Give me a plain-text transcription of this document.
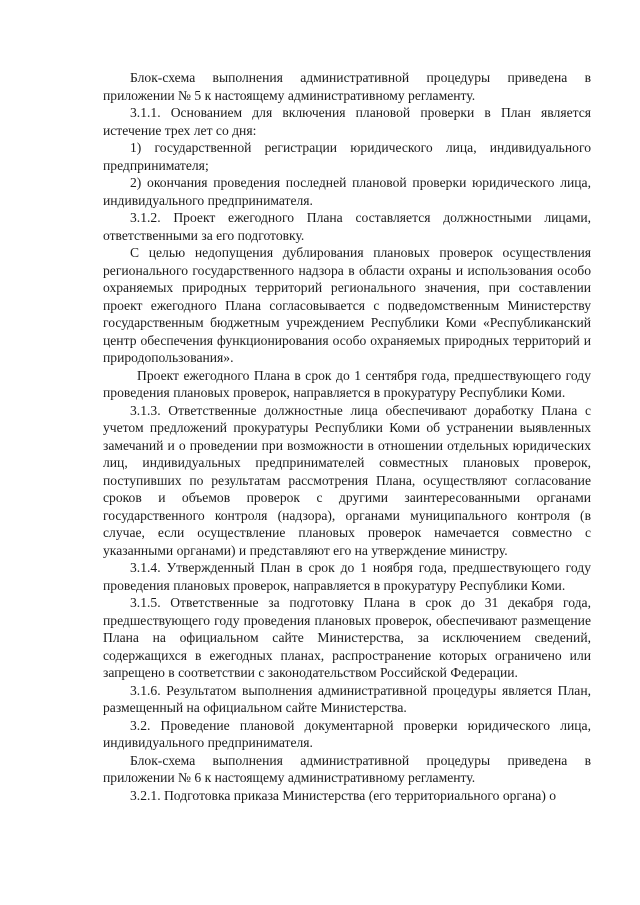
Блок-схема выполнения административной процедуры приведена в приложении № 5 к настоящему административному регламенту.

3.1.1. Основанием для включения плановой проверки в План является истечение трех лет со дня:

1) государственной регистрации юридического лица, индивидуального предпринимателя;

2) окончания проведения последней плановой проверки юридического лица, индивидуального предпринимателя.

3.1.2. Проект ежегодного Плана составляется должностными лицами, ответственными за его подготовку.

С целью недопущения дублирования плановых проверок осуществления регионального государственного надзора в области охраны и использования особо охраняемых природных территорий регионального значения, при составлении проект ежегодного Плана согласовывается с подведомственным Министерству государственным бюджетным учреждением Республики Коми «Республиканский центр обеспечения функционирования особо охраняемых природных территорий и природопользования».

Проект ежегодного Плана в срок до 1 сентября года, предшествующего году проведения плановых проверок, направляется в прокуратуру Республики Коми.

3.1.3. Ответственные должностные лица обеспечивают доработку Плана с учетом предложений прокуратуры Республики Коми об устранении выявленных замечаний и о проведении при возможности в отношении отдельных юридических лиц, индивидуальных предпринимателей совместных плановых проверок, поступивших по результатам рассмотрения Плана, осуществляют согласование сроков и объемов проверок с другими заинтересованными органами государственного контроля (надзора), органами муниципального контроля (в случае, если осуществление плановых проверок намечается совместно с указанными органами) и представляют его на утверждение министру.

3.1.4. Утвержденный План в срок до 1 ноября года, предшествующего году проведения плановых проверок, направляется в прокуратуру Республики Коми.

3.1.5. Ответственные за подготовку Плана в срок до 31 декабря года, предшествующего году проведения плановых проверок, обеспечивают размещение Плана на официальном сайте Министерства, за исключением сведений, содержащихся в ежегодных планах, распространение которых ограничено или запрещено в соответствии с законодательством Российской Федерации.

3.1.6. Результатом выполнения административной процедуры является План, размещенный на официальном сайте Министерства.

3.2. Проведение плановой документарной проверки юридического лица, индивидуального предпринимателя.

Блок-схема выполнения административной процедуры приведена в приложении № 6 к настоящему административному регламенту.

3.2.1. Подготовка приказа Министерства (его территориального органа) о
